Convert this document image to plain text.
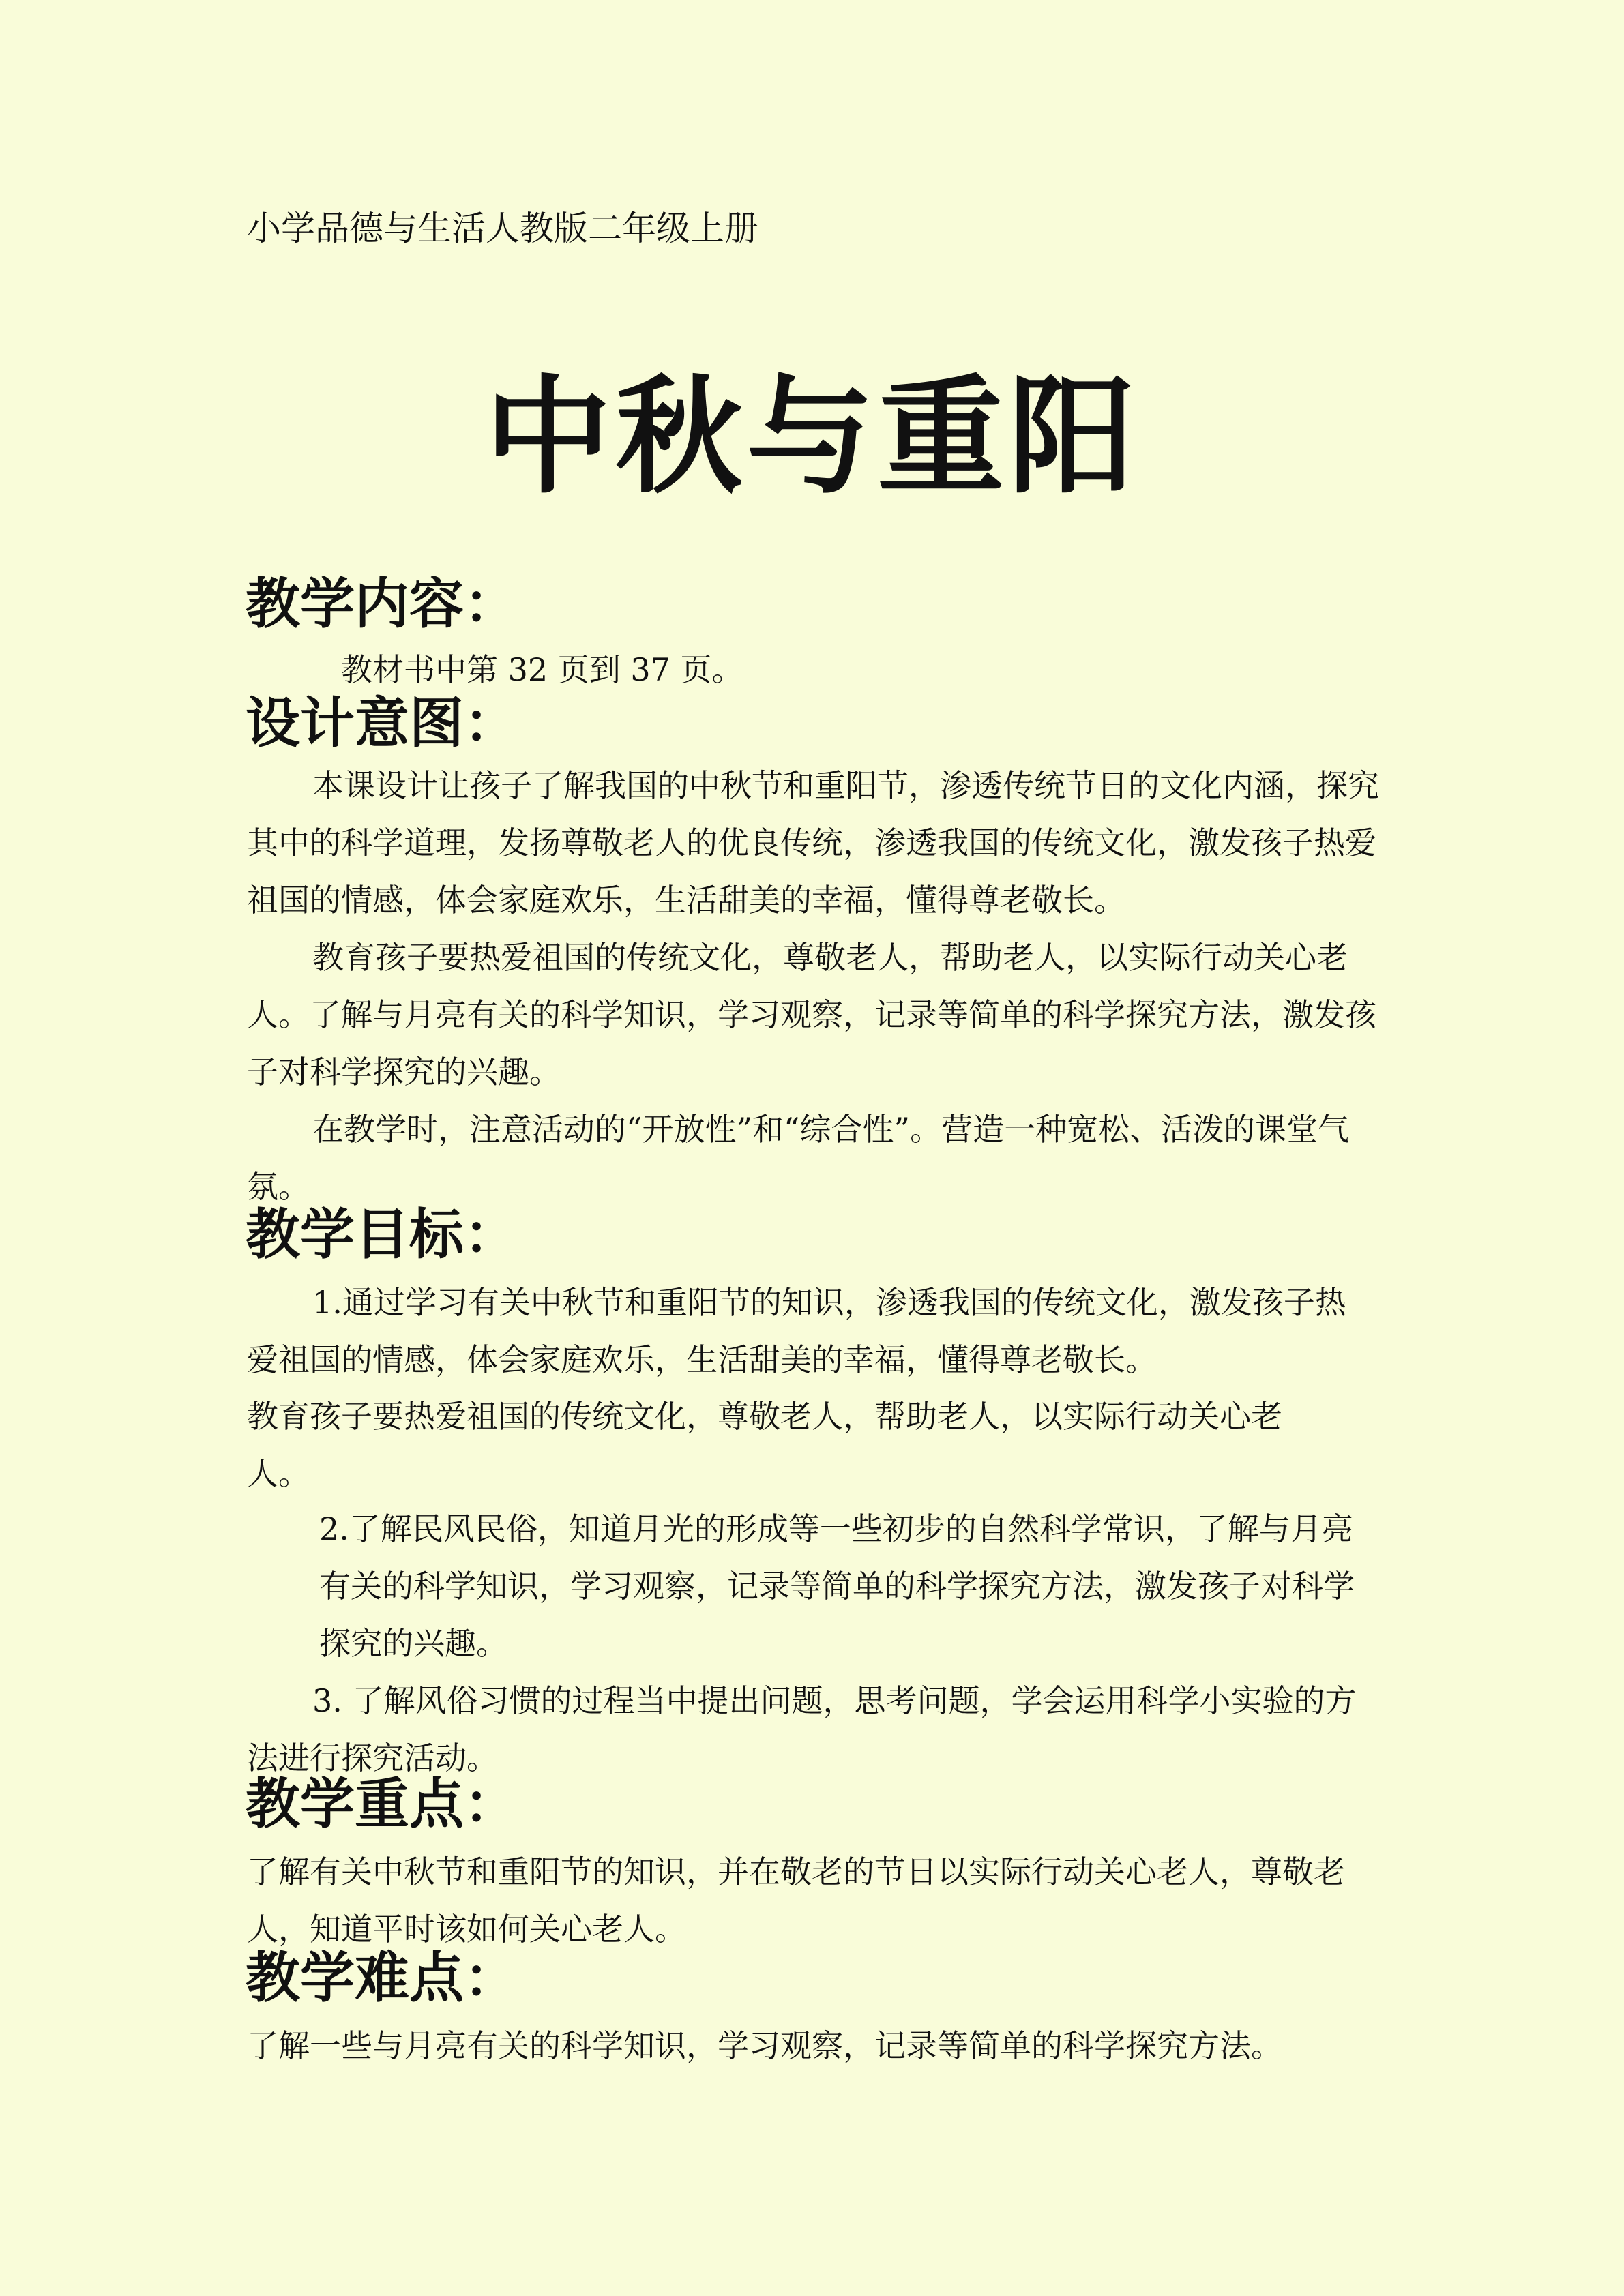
小学品德与生活人教版二年级上册
中秋与重阳
教学内容：
教材书中第 32 页到 37 页。
设计意图：
本课设计让孩子了解我国的中秋节和重阳节，渗透传统节日的文化内涵，探究其中的科学道理，发扬尊敬老人的优良传统，渗透我国的传统文化，激发孩子热爱祖国的情感，体会家庭欢乐，生活甜美的幸福，懂得尊老敬长。
教育孩子要热爱祖国的传统文化，尊敬老人，帮助老人，以实际行动关心老人。了解与月亮有关的科学知识，学习观察，记录等简单的科学探究方法，激发孩子对科学探究的兴趣。
在教学时，注意活动的“开放性”和“综合性”。营造一种宽松、活泼的课堂气氛。
教学目标：
1.通过学习有关中秋节和重阳节的知识，渗透我国的传统文化，激发孩子热爱祖国的情感，体会家庭欢乐，生活甜美的幸福，懂得尊老敬长。
教育孩子要热爱祖国的传统文化，尊敬老人，帮助老人，以实际行动关心老人。
2.了解民风民俗，知道月光的形成等一些初步的自然科学常识，了解与月亮有关的科学知识，学习观察，记录等简单的科学探究方法，激发孩子对科学探究的兴趣。
3. 了解风俗习惯的过程当中提出问题，思考问题，学会运用科学小实验的方法进行探究活动。
教学重点：
了解有关中秋节和重阳节的知识，并在敬老的节日以实际行动关心老人，尊敬老人，知道平时该如何关心老人。
教学难点：
了解一些与月亮有关的科学知识，学习观察，记录等简单的科学探究方法。
